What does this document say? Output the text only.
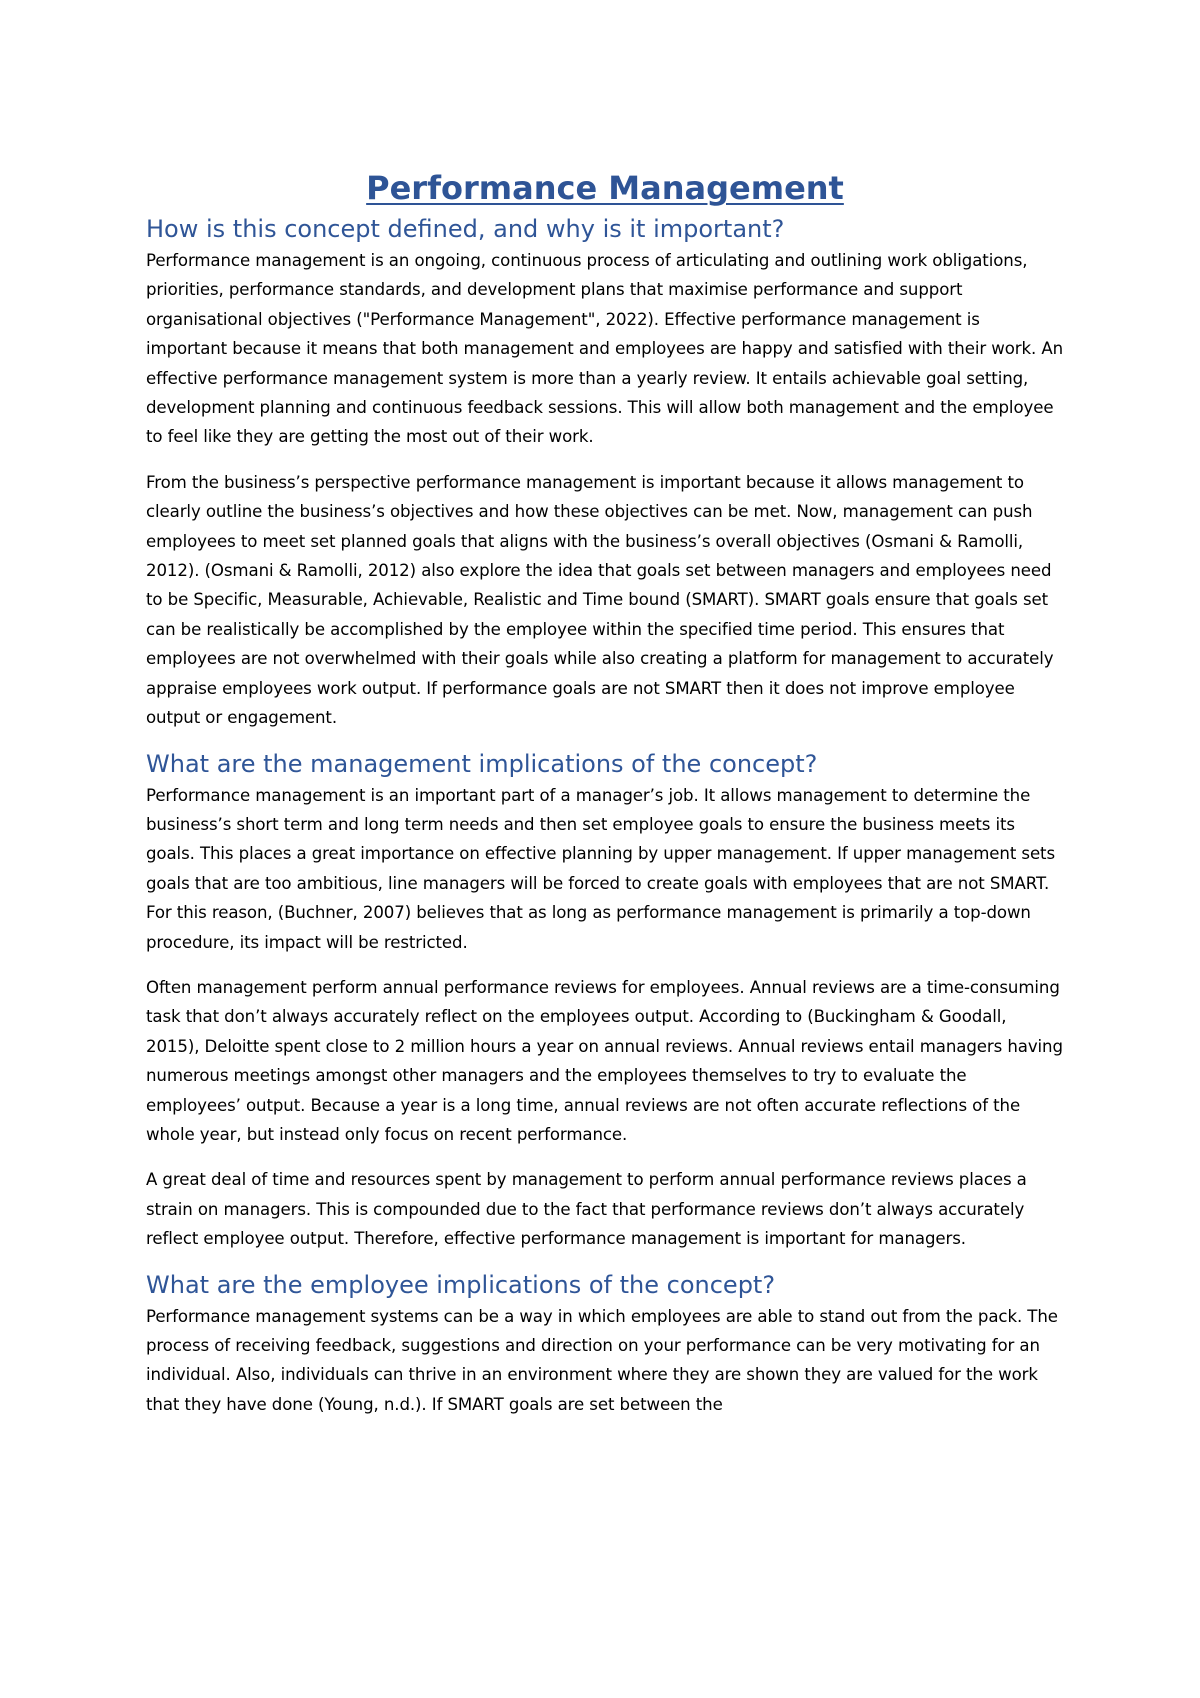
Performance Management
How is this concept defined, and why is it important?

Performance management is an ongoing, continuous process of articulating and outlining work obligations, priorities, performance standards, and development plans that maximise performance and support organisational objectives ("Performance Management", 2022). Effective performance management is important because it means that both management and employees are happy and satisfied with their work. An effective performance management system is more than a yearly review. It entails achievable goal setting, development planning and continuous feedback sessions. This will allow both management and the employee to feel like they are getting the most out of their work.

From the business’s perspective performance management is important because it allows management to clearly outline the business’s objectives and how these objectives can be met. Now, management can push employees to meet set planned goals that aligns with the business’s overall objectives (Osmani & Ramolli, 2012). (Osmani & Ramolli, 2012) also explore the idea that goals set between managers and employees need to be Specific, Measurable, Achievable, Realistic and Time bound (SMART). SMART goals ensure that goals set can be realistically be accomplished by the employee within the specified time period. This ensures that employees are not overwhelmed with their goals while also creating a platform for management to accurately appraise employees work output. If performance goals are not SMART then it does not improve employee output or engagement.

What are the management implications of the concept?

Performance management is an important part of a manager’s job. It allows management to determine the business’s short term and long term needs and then set employee goals to ensure the business meets its goals. This places a great importance on effective planning by upper management. If upper management sets goals that are too ambitious, line managers will be forced to create goals with employees that are not SMART. For this reason, (Buchner, 2007) believes that as long as performance management is primarily a top-down procedure, its impact will be restricted.

Often management perform annual performance reviews for employees. Annual reviews are a time-consuming task that don’t always accurately reflect on the employees output. According to (Buckingham & Goodall, 2015), Deloitte spent close to 2 million hours a year on annual reviews. Annual reviews entail managers having numerous meetings amongst other managers and the employees themselves to try to evaluate the employees’ output. Because a year is a long time, annual reviews are not often accurate reflections of the whole year, but instead only focus on recent performance.

A great deal of time and resources spent by management to perform annual performance reviews places a strain on managers. This is compounded due to the fact that performance reviews don’t always accurately reflect employee output. Therefore, effective performance management is important for managers.

What are the employee implications of the concept?

Performance management systems can be a way in which employees are able to stand out from the pack. The process of receiving feedback, suggestions and direction on your performance can be very motivating for an individual. Also, individuals can thrive in an environment where they are shown they are valued for the work that they have done (Young, n.d.). If SMART goals are set between the
